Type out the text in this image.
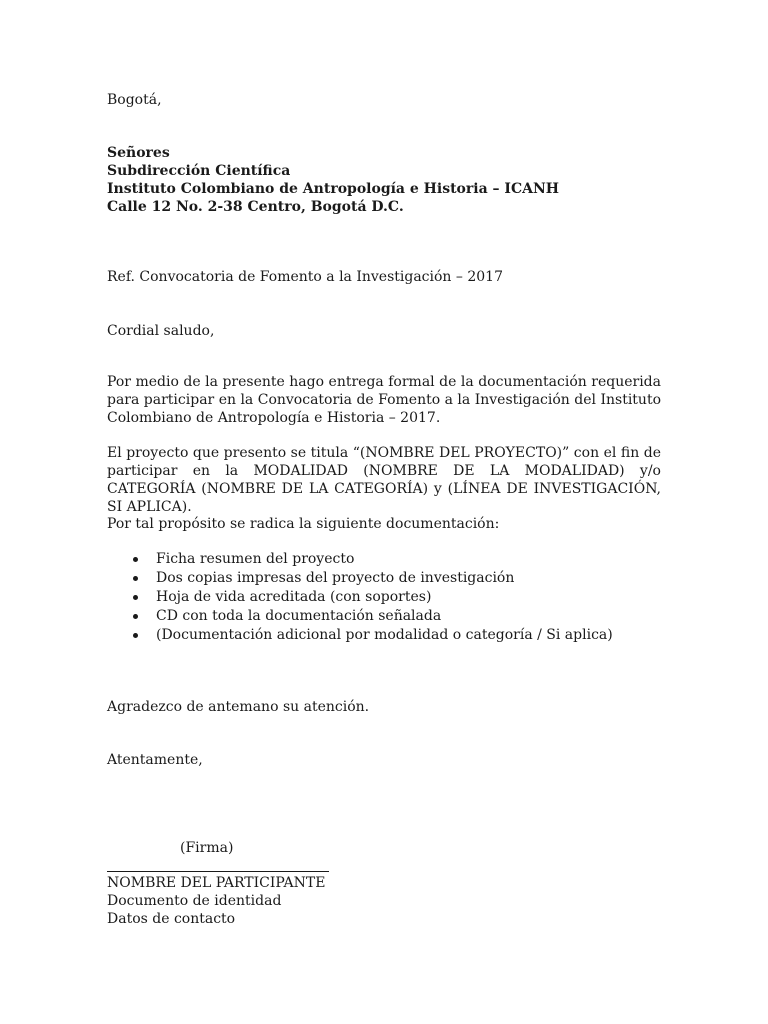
Bogotá,
Señores
Subdirección Científica
Instituto Colombiano de Antropología e Historia – ICANH
Calle 12 No. 2-38 Centro, Bogotá D.C.
Ref. Convocatoria de Fomento a la Investigación – 2017
Cordial saludo,

Por medio de la presente hago entrega formal de la documentación requerida para participar en la Convocatoria de Fomento a la Investigación del Instituto Colombiano de Antropología e Historia – 2017.

El proyecto que presento se titula “(NOMBRE DEL PROYECTO)” con el fin de participar en la MODALIDAD (NOMBRE DE LA MODALIDAD) y/o CATEGORÍA (NOMBRE DE LA CATEGORÍA) y (LÍNEA DE INVESTIGACIÓN, SI APLICA).

Por tal propósito se radica la siguiente documentación:
Ficha resumen del proyecto
Dos copias impresas del proyecto de investigación
Hoja de vida acreditada (con soportes)
CD con toda la documentación señalada
(Documentación adicional por modalidad o categoría / Si aplica)
Agradezco de antemano su atención.
Atentamente,
(Firma)
NOMBRE DEL PARTICIPANTE
Documento de identidad
Datos de contacto
